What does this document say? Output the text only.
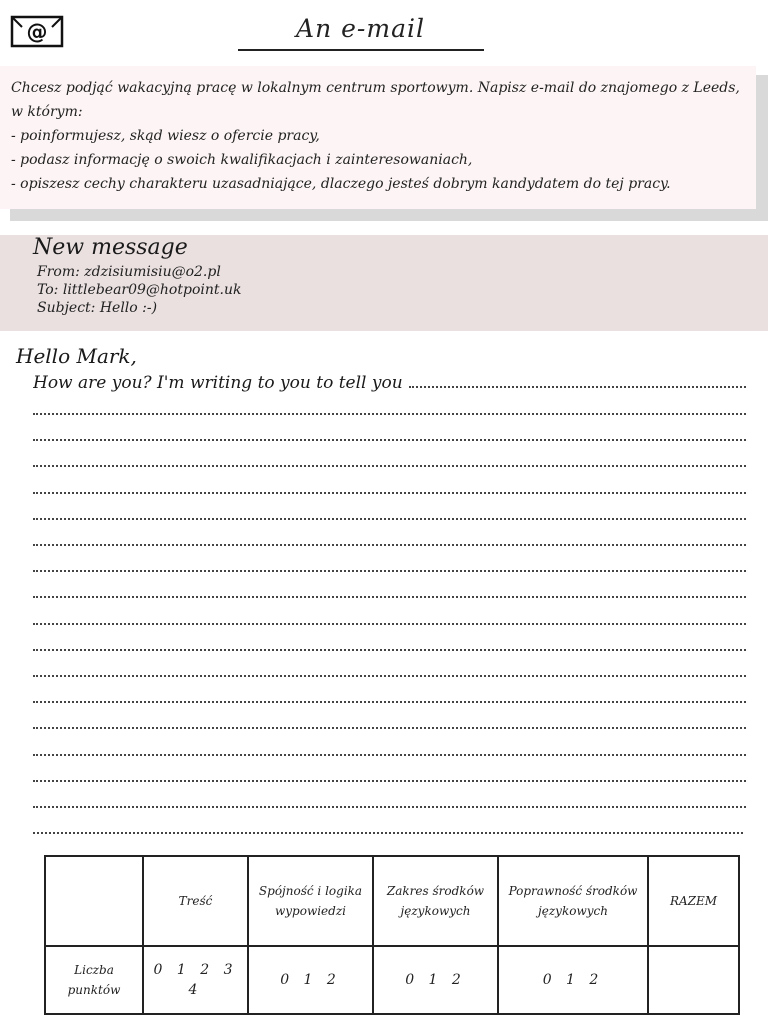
@	An e-mail

Chcesz podjąć wakacyjną pracę w lokalnym centrum sportowym. Napisz e-mail do znajomego z Leeds, w którym:

- poinformujesz, skąd wiesz o ofercie pracy,

- podasz informację o swoich kwalifikacjach i zainteresowaniach,

- opiszesz cechy charakteru uzasadniające, dlaczego jesteś dobrym kandydatem do tej pracy.

New message
From: zdzisiumisiu@o2.pl
To: littlebear09@hotpoint.uk
Subject: Hello :-)
Hello Mark,
How are you? I'm writing to you to tell you
	Treść	Spójność i logika wypowiedzi	Zakres środków językowych	Poprawność środków językowych	RAZEM
Liczba punktów	0 1 2 3 4	0 1 2	0 1 2	0 1 2	
